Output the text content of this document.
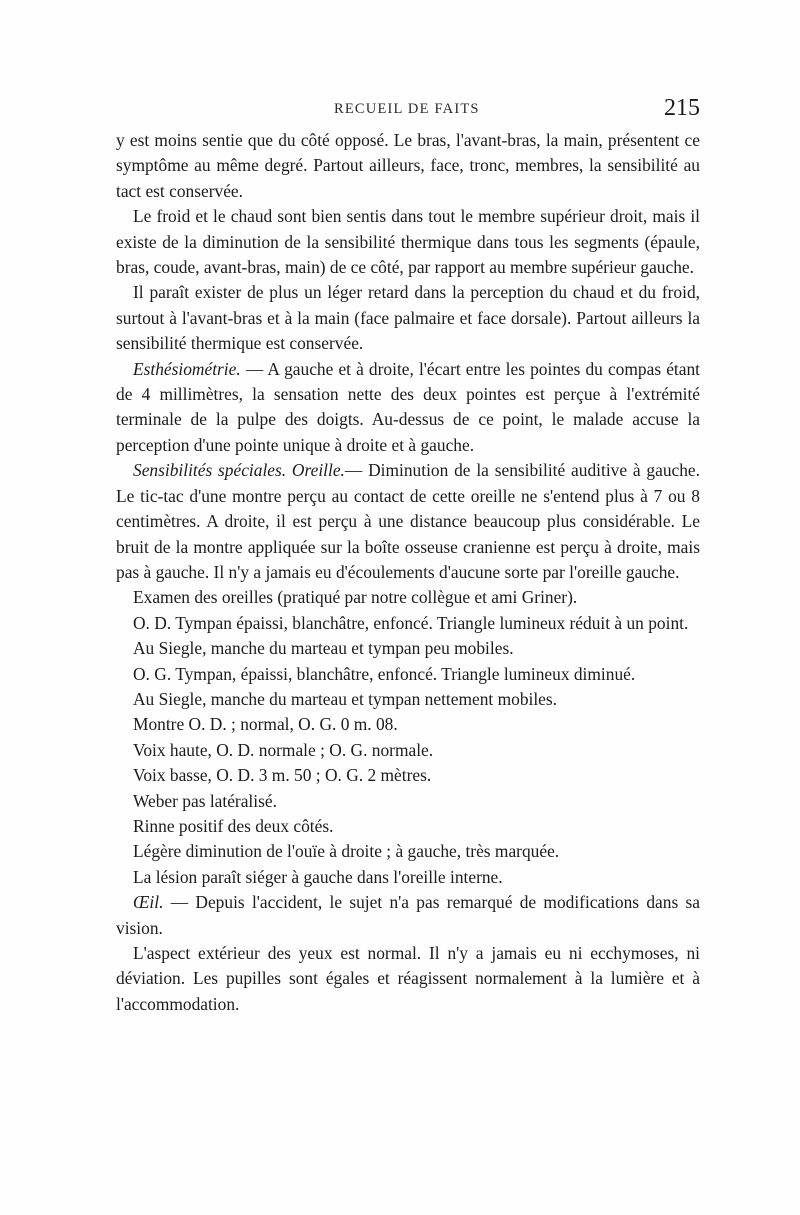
RECUEIL DE FAITS	215

y est moins sentie que du côté opposé. Le bras, l'avant-bras, la main, présentent ce symptôme au même degré. Partout ailleurs, face, tronc, membres, la sensibilité au tact est conservée.

Le froid et le chaud sont bien sentis dans tout le membre supérieur droit, mais il existe de la diminution de la sensibilité thermique dans tous les segments (épaule, bras, coude, avant-bras, main) de ce côté, par rapport au membre supérieur gauche.

Il paraît exister de plus un léger retard dans la perception du chaud et du froid, surtout à l'avant-bras et à la main (face palmaire et face dorsale). Partout ailleurs la sensibilité thermique est conservée.

Esthésiométrie. — A gauche et à droite, l'écart entre les pointes du compas étant de 4 millimètres, la sensation nette des deux pointes est perçue à l'extrémité terminale de la pulpe des doigts. Au-dessus de ce point, le malade accuse la perception d'une pointe unique à droite et à gauche.

Sensibilités spéciales. Oreille.— Diminution de la sensibilité auditive à gauche. Le tic-tac d'une montre perçu au contact de cette oreille ne s'entend plus à 7 ou 8 centimètres. A droite, il est perçu à une distance beaucoup plus considérable. Le bruit de la montre appliquée sur la boîte osseuse cranienne est perçu à droite, mais pas à gauche. Il n'y a jamais eu d'écoulements d'aucune sorte par l'oreille gauche.

Examen des oreilles (pratiqué par notre collègue et ami Griner).

O. D. Tympan épaissi, blanchâtre, enfoncé. Triangle lumineux réduit à un point.

Au Siegle, manche du marteau et tympan peu mobiles.

O. G. Tympan, épaissi, blanchâtre, enfoncé. Triangle lumineux diminué.

Au Siegle, manche du marteau et tympan nettement mobiles.

Montre O. D. ; normal, O. G. 0 m. 08.

Voix haute, O. D. normale ; O. G. normale.

Voix basse, O. D. 3 m. 50 ; O. G. 2 mètres.

Weber pas latéralisé.

Rinne positif des deux côtés.

Légère diminution de l'ouïe à droite ; à gauche, très marquée.

La lésion paraît siéger à gauche dans l'oreille interne.

Œil. — Depuis l'accident, le sujet n'a pas remarqué de modifications dans sa vision.

L'aspect extérieur des yeux est normal. Il n'y a jamais eu ni ecchymoses, ni déviation. Les pupilles sont égales et réagissent normalement à la lumière et à l'accommodation.
